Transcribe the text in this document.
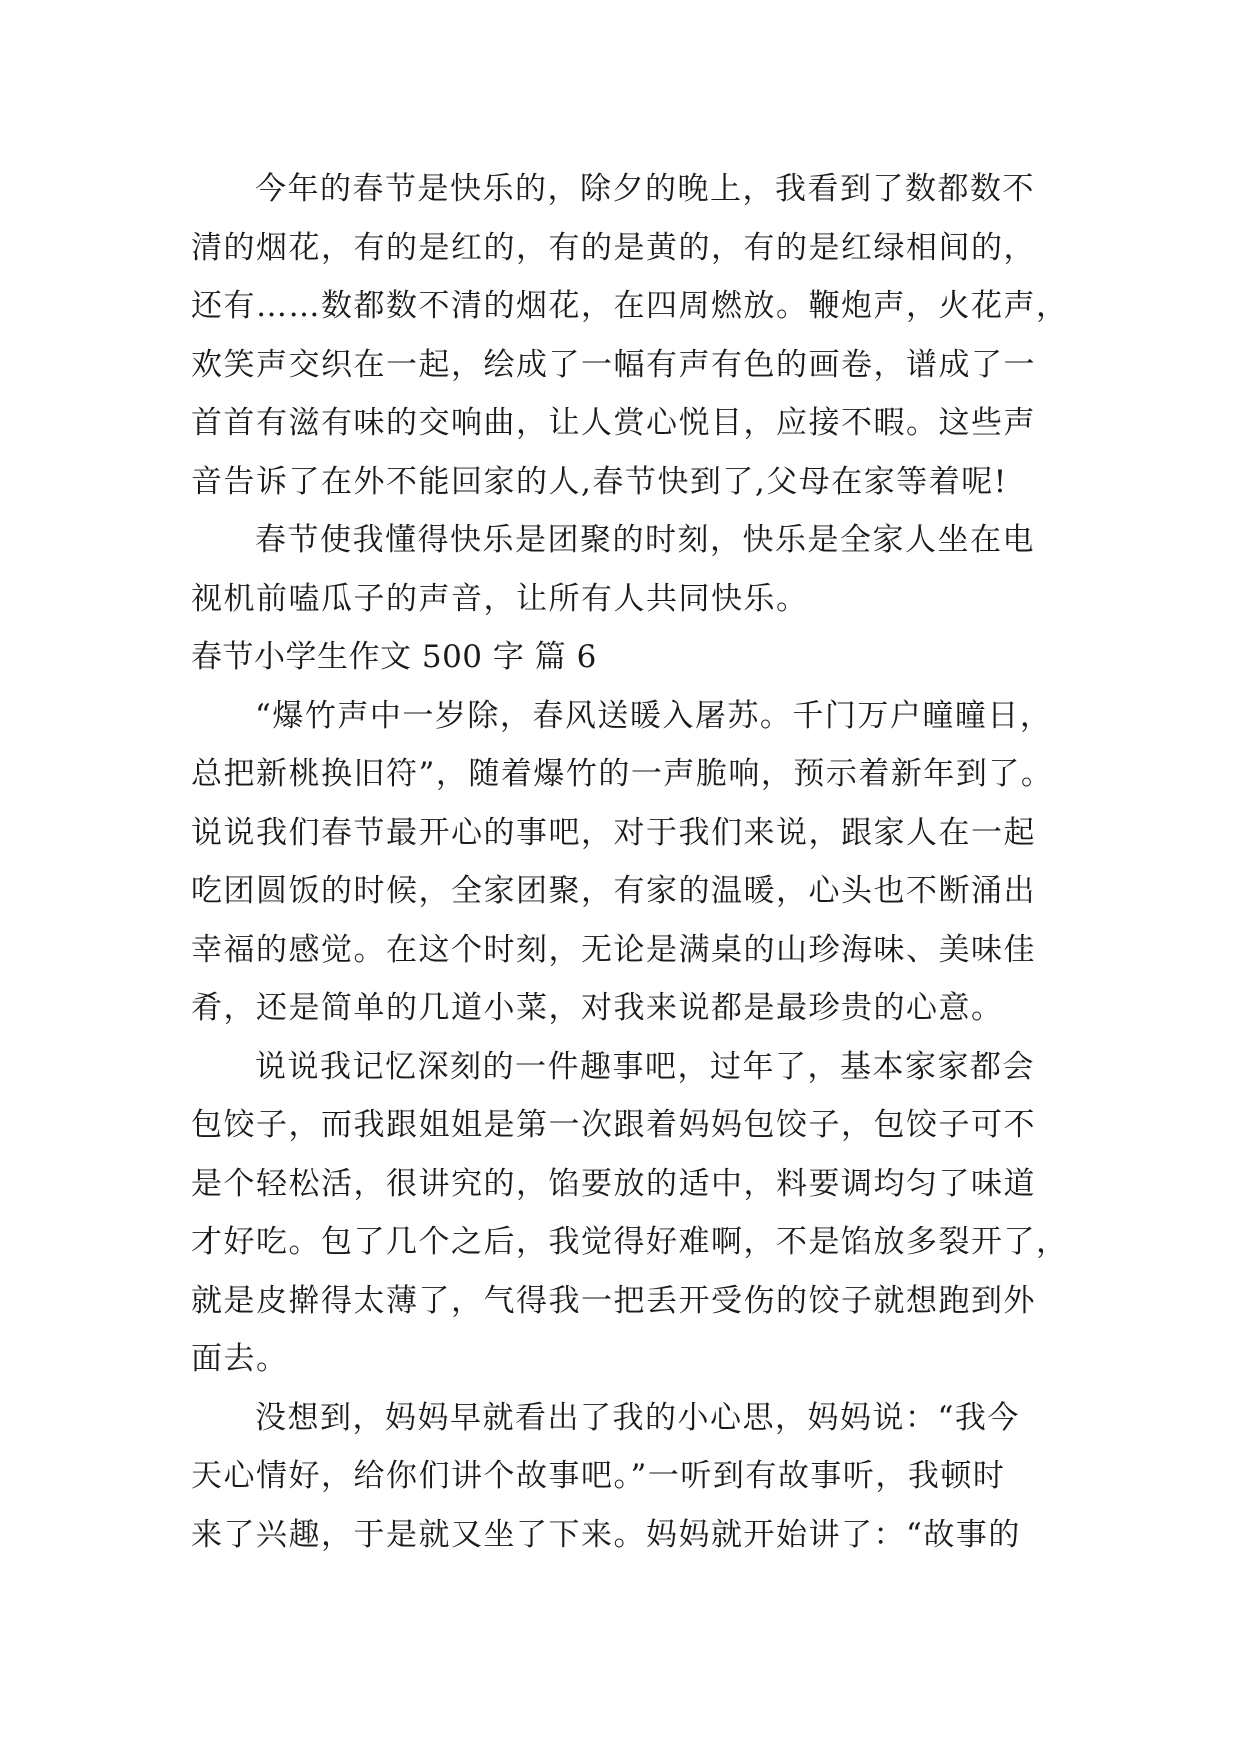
今年的春节是快乐的，除夕的晚上，我看到了数都数不
清的烟花，有的是红的，有的是黄的，有的是红绿相间的，
还有……数都数不清的烟花，在四周燃放。鞭炮声，火花声，
欢笑声交织在一起，绘成了一幅有声有色的画卷，谱成了一
首首有滋有味的交响曲，让人赏心悦目，应接不暇。这些声
音告诉了在外不能回家的人,春节快到了,父母在家等着呢!
春节使我懂得快乐是团聚的时刻，快乐是全家人坐在电
视机前嗑瓜子的声音，让所有人共同快乐。
春节小学生作文 500 字 篇 6
“爆竹声中一岁除，春风送暖入屠苏。千门万户曈曈日，
总把新桃换旧符”，随着爆竹的一声脆响，预示着新年到了。
说说我们春节最开心的事吧，对于我们来说，跟家人在一起
吃团圆饭的时候，全家团聚，有家的温暖，心头也不断涌出
幸福的感觉。在这个时刻，无论是满桌的山珍海味、美味佳
肴，还是简单的几道小菜，对我来说都是最珍贵的心意。
说说我记忆深刻的一件趣事吧，过年了，基本家家都会
包饺子，而我跟姐姐是第一次跟着妈妈包饺子，包饺子可不
是个轻松活，很讲究的，馅要放的适中，料要调均匀了味道
才好吃。包了几个之后，我觉得好难啊，不是馅放多裂开了，
就是皮擀得太薄了，气得我一把丢开受伤的饺子就想跑到外
面去。
没想到，妈妈早就看出了我的小心思，妈妈说：“我今
天心情好，给你们讲个故事吧。”一听到有故事听，我顿时
来了兴趣，于是就又坐了下来。妈妈就开始讲了：“故事的
